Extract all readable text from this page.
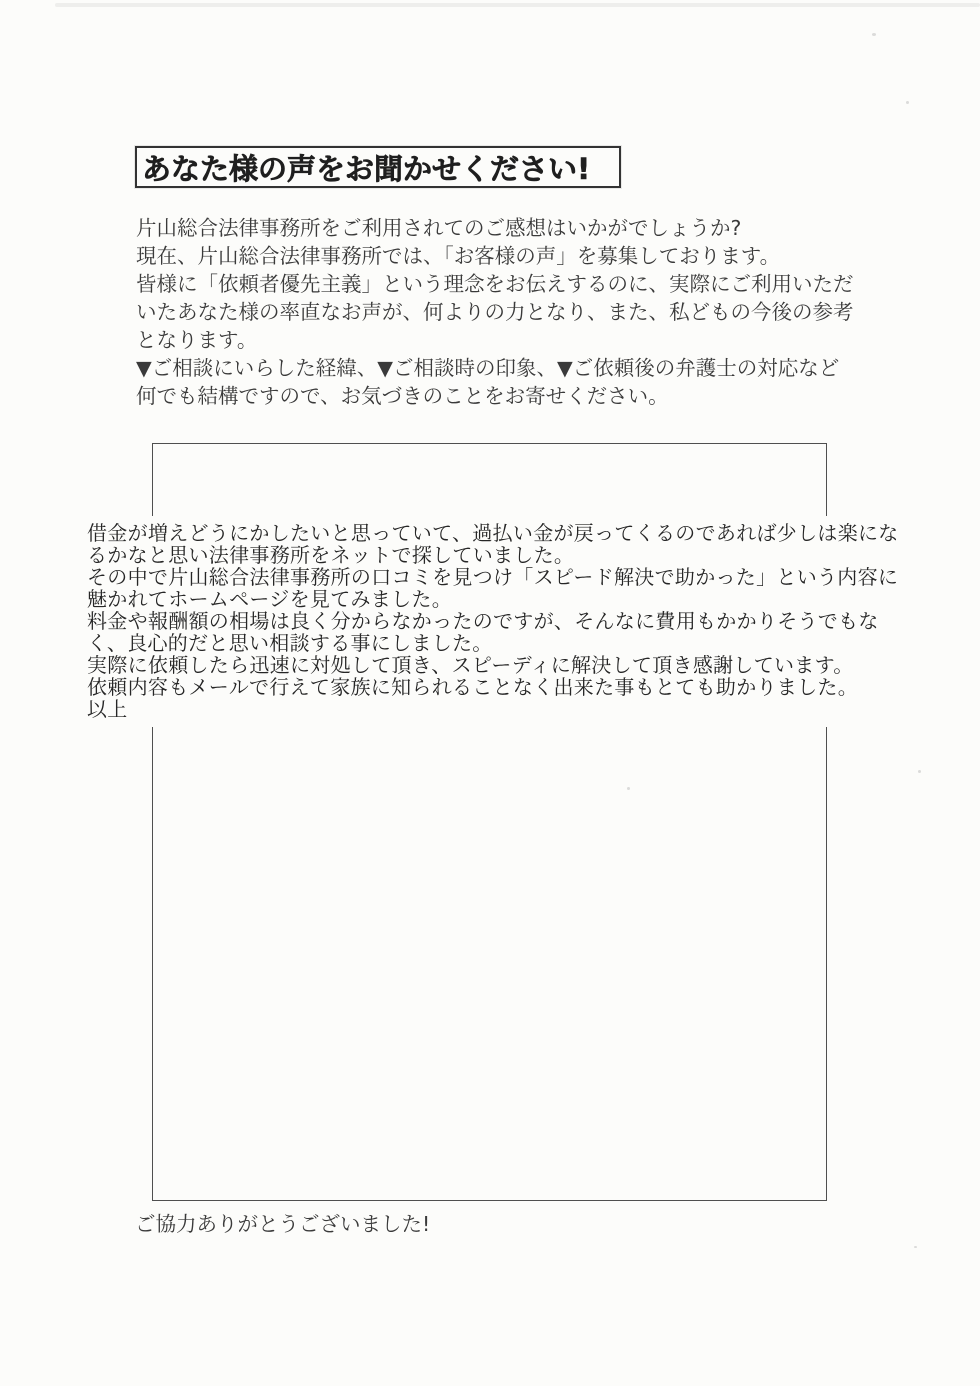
あなた様の声をお聞かせください!
片山総合法律事務所をご利用されてのご感想はいかがでしょうか?
現在、片山総合法律事務所では、「お客様の声」を募集しております。
皆様に「依頼者優先主義」という理念をお伝えするのに、実際にご利用いただ
いたあなた様の率直なお声が、何よりの力となり、また、私どもの今後の参考
となります。
▼ご相談にいらした経緯、▼ご相談時の印象、▼ご依頼後の弁護士の対応など
何でも結構ですので、お気づきのことをお寄せください。
借金が増えどうにかしたいと思っていて、過払い金が戻ってくるのであれば少しは楽にな
るかなと思い法律事務所をネットで探していました。
その中で片山総合法律事務所の口コミを見つけ「スピード解決で助かった」という内容に
魅かれてホームページを見てみました。
料金や報酬額の相場は良く分からなかったのですが、そんなに費用もかかりそうでもな
く、良心的だと思い相談する事にしました。
実際に依頼したら迅速に対処して頂き、スピーディに解決して頂き感謝しています。
依頼内容もメールで行えて家族に知られることなく出来た事もとても助かりました。
以上
ご協力ありがとうございました!
